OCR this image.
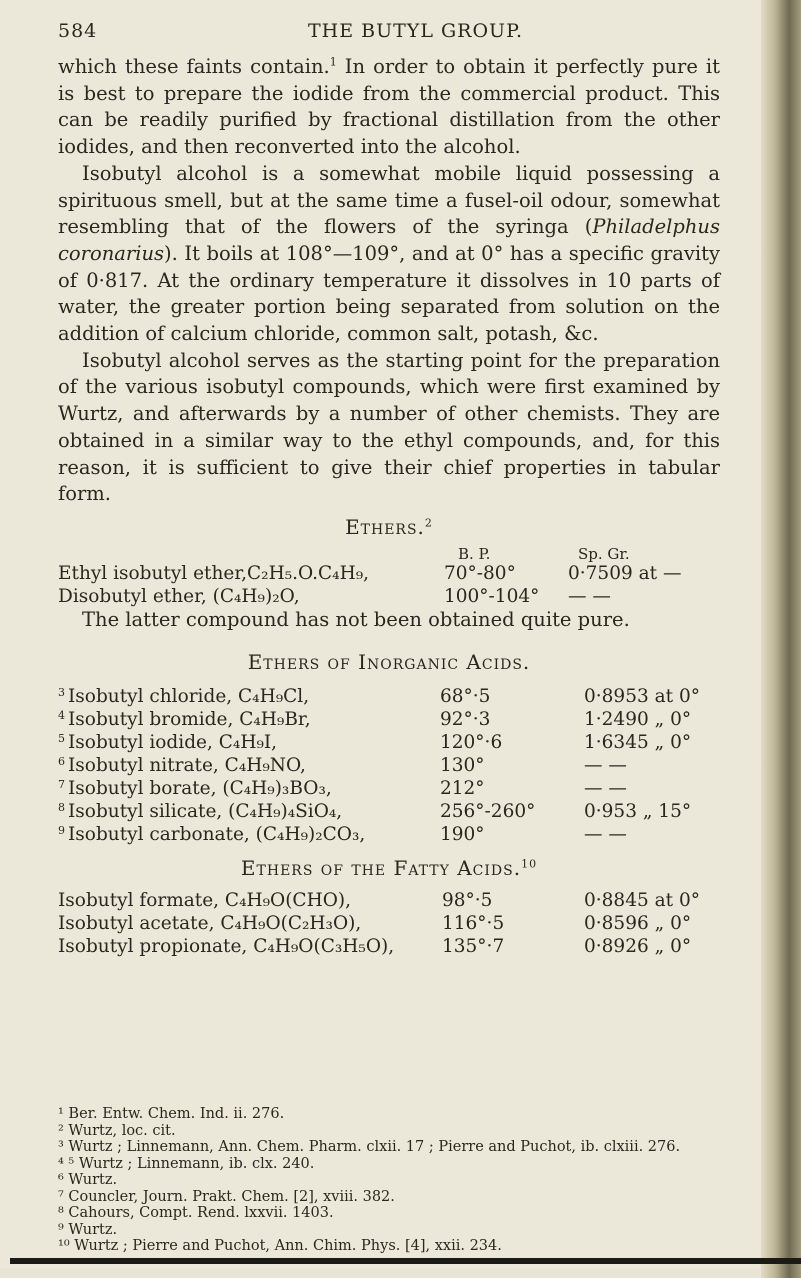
584	THE BUTYL GROUP.

which these faints contain.$^1$ In order to obtain it perfectly pure it is best to prepare the iodide from the commercial product. This can be readily purified by fractional distillation from the other iodides, and then reconverted into the alcohol.

Isobutyl alcohol is a somewhat mobile liquid possessing a spirituous smell, but at the same time a fusel-oil odour, somewhat resembling that of the flowers of the syringa (Philadelphus coronarius). It boils at 108°—109°, and at 0° has a specific gravity of 0·817. At the ordinary temperature it dissolves in 10 parts of water, the greater portion being separated from solution on the addition of calcium chloride, common salt, potash, &c.

Isobutyl alcohol serves as the starting point for the preparation of the various isobutyl compounds, which were first examined by Wurtz, and afterwards by a number of other chemists. They are obtained in a similar way to the ethyl compounds, and, for this reason, it is sufficient to give their chief properties in tabular form.

Ethers.$^2$
B. P.	Sp. Gr.
Ethyl isobutyl ether,C₂H₅.O.C₄H₉,	70°-80°	0·7509 at —
Disobutyl ether, (C₄H₉)₂O,	100°-104° — —

The latter compound has not been obtained quite pure.

Ethers of Inorganic Acids.
3 Isobutyl chloride, C₄H₉Cl,	68°·5	0·8953 at 0°
4 Isobutyl bromide, C₄H₉Br,	92°·3	1·2490 „ 0°
5 Isobutyl iodide, C₄H₉I,	120°·6	1·6345 „ 0°
6 Isobutyl nitrate, C₄H₉NO,	130°	— —
7 Isobutyl borate, (C₄H₉)₃BO₃,	212°	— —
8 Isobutyl silicate, (C₄H₉)₄SiO₄,	256°-260°	0·953 „ 15°
9 Isobutyl carbonate, (C₄H₉)₂CO₃,	190°	— —
Ethers of the Fatty Acids.$^{10}$
Isobutyl formate, C₄H₉O(CHO),	98°·5	0·8845 at 0°
Isobutyl acetate, C₄H₉O(C₂H₃O),	116°·5	0·8596 „ 0°
Isobutyl propionate, C₄H₉O(C₃H₅O),	135°·7	0·8926 „ 0°

¹ Ber. Entw. Chem. Ind. ii. 276.

² Wurtz, loc. cit.

³ Wurtz ; Linnemann, Ann. Chem. Pharm. clxii. 17 ; Pierre and Puchot, ib. clxiii. 276.

⁴ ⁵ Wurtz ; Linnemann, ib. clx. 240.

⁶ Wurtz.

⁷ Councler, Journ. Prakt. Chem. [2], xviii. 382.

⁸ Cahours, Compt. Rend. lxxvii. 1403.

⁹ Wurtz.

¹⁰ Wurtz ; Pierre and Puchot, Ann. Chim. Phys. [4], xxii. 234.
